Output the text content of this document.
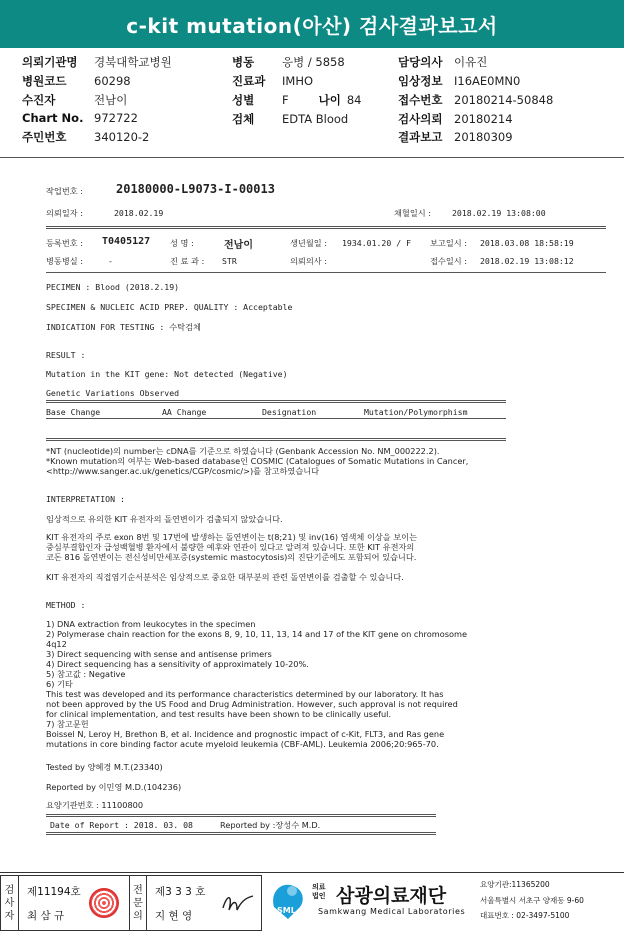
c-kit mutation(아산) 검사결과보고서
의뢰기관명 경북대학교병원
병원코드 60298
수진자	전남이
Chart No. 972722
주민번호 340120-2
병동 응병 / 5858
진료과 IMHO
성별 F	나이 84
검체 EDTA Blood
담당의사 이유진
임상정보 I16AE0MN0
접수번호 20180214-50848
검사의뢰 20180214
결과보고 20180309
작업번호 :	20180000-L9073-I-00013
의뢰일자 :	2018.02.19	채혈일시 :	2018.02.19 13:08:00
등록번호 : T0405127 성 명 :	전남이	생년월일 : 1934.01.20 / F 보고일시 : 2018.03.08 18:58:19
병동병실 :	-	진 료 과 : STR	의뢰의사 :	접수일시 : 2018.02.19 13:08:12
PECIMEN : Blood (2018.2.19)
SPECIMEN & NUCLEIC ACID PREP. QUALITY : Acceptable
INDICATION FOR TESTING : 수탁검체
RESULT :
Mutation in the KIT gene: Not detected (Negative)
Genetic Variations Observed
Base Change	AA Change	Designation	Mutation/Polymorphism
*NT (nucleotide)의 number는 cDNA를 기준으로 하였습니다 (Genbank Accession No. NM_000222.2).
*Known mutation의 여부는 Web-based database인 COSMIC (Catalogues of Somatic Mutations in Cancer,
<http://www.sanger.ac.uk/genetics/CGP/cosmic/>)를 참고하였습니다
INTERPRETATION :
임상적으로 유의한 KIT 유전자의 돌연변이가 검출되지 않았습니다.
KIT 유전자의 주로 exon 8번 및 17번에 발생하는 돌연변이는 t(8;21) 및 inv(16) 염색체 이상을 보이는
중심부결합인자 급성백혈병 환자에서 불량한 예후와 연관이 있다고 알려져 있습니다. 또한 KIT 유전자의
코돈 816 돌연변이는 전신성비만세포증(systemic mastocytosis)의 진단기준에도 포함되어 있습니다.
KIT 유전자의 직접염기순서분석은 임상적으로 중요한 대부분의 관련 돌연변이를 검출할 수 있습니다.
METHOD :
1) DNA extraction from leukocytes in the specimen
2) Polymerase chain reaction for the exons 8, 9, 10, 11, 13, 14 and 17 of the KIT gene on chromosome
4q12
3) Direct sequencing with sense and antisense primers
4) Direct sequencing has a sensitivity of approximately 10-20%.
5) 참고값 : Negative
6) 기타
This test was developed and its performance characteristics determined by our laboratory. It has
not been approved by the US Food and Drug Administration. However, such approval is not required
for clinical implementation, and test results have been shown to be clinically useful.
7) 참고문헌
Boissel N, Leroy H, Brethon B, et al. Incidence and prognostic impact of c-Kit, FLT3, and Ras gene
mutations in core binding factor acute myeloid leukemia (CBF-AML). Leukemia 2006;20:965-70.
Tested by 양혜경 M.T.(23340)
Reported by 이민영 M.D.(104236)
요양기관번호 : 11100800
Date of Report : 2018. 03. 08	Reported by :장성수 M.D.
검
사
자
제11194호
최 삼 규
전
문
의
제3 3 3 호
지 현 영	SML
의료
법인 삼광의료재단
Samkwang Medical Laboratories
요양기관:11365200
서울특별시 서초구 양재동 9-60
대표번호 : 02-3497-5100
